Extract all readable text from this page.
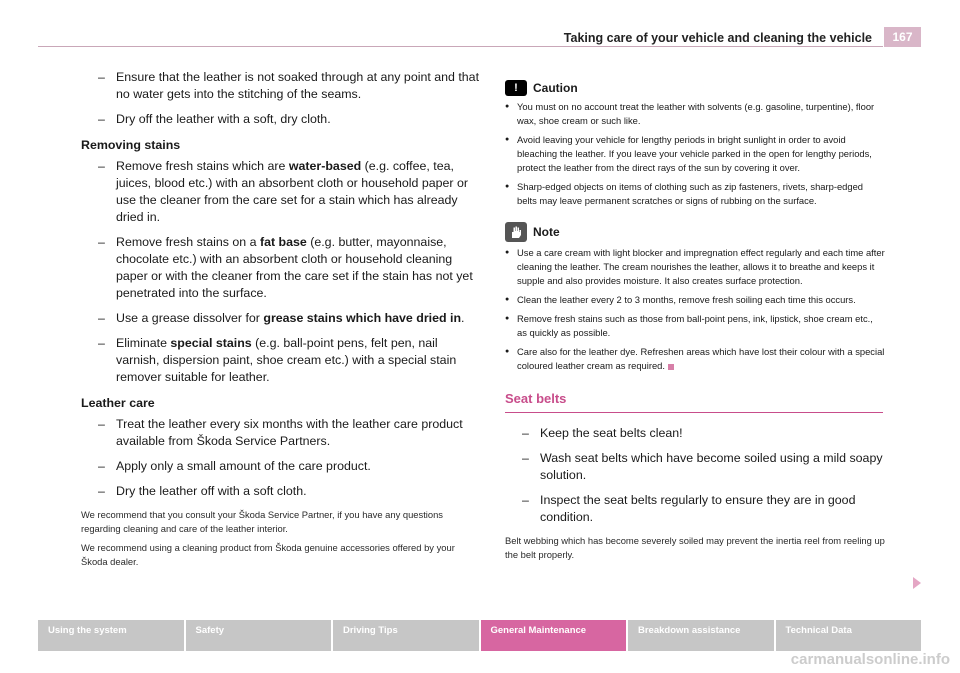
Taking care of your vehicle and cleaning the vehicle	167

– Ensure that the leather is not soaked through at any point and that no water gets into the stitching of the seams.

– Dry off the leather with a soft, dry cloth.

Removing stains

– Remove fresh stains which are water-based (e.g. coffee, tea, juices, blood etc.) with an absorbent cloth or household paper or use the cleaner from the care set for a stain which has already dried in.

– Remove fresh stains on a fat base (e.g. butter, mayonnaise, chocolate etc.) with an absorbent cloth or household cleaning paper or with the cleaner from the care set if the stain has not yet penetrated into the surface.

– Use a grease dissolver for grease stains which have dried in.

– Eliminate special stains (e.g. ball-point pens, felt pen, nail varnish, dispersion paint, shoe cream etc.) with a special stain remover suitable for leather.

Leather care

– Treat the leather every six months with the leather care product available from Škoda Service Partners.

– Apply only a small amount of the care product.

– Dry the leather off with a soft cloth.

We recommend that you consult your Škoda Service Partner, if you have any questions regarding cleaning and care of the leather interior.

We recommend using a cleaning product from Škoda genuine accessories offered by your Škoda dealer.

!	Caution

● You must on no account treat the leather with solvents (e.g. gasoline, turpentine), floor wax, shoe cream or such like.

● Avoid leaving your vehicle for lengthy periods in bright sunlight in order to avoid bleaching the leather. If you leave your vehicle parked in the open for lengthy periods, protect the leather from the direct rays of the sun by covering it over.

● Sharp-edged objects on items of clothing such as zip fasteners, rivets, sharp-edged belts may leave permanent scratches or signs of rubbing on the surface.

Note

● Use a care cream with light blocker and impregnation effect regularly and each time after cleaning the leather. The cream nourishes the leather, allows it to breathe and keeps it supple and also provides moisture. It also creates surface protection.

● Clean the leather every 2 to 3 months, remove fresh soiling each time this occurs.

● Remove fresh stains such as those from ball-point pens, ink, lipstick, shoe cream etc., as quickly as possible.

● Care also for the leather dye. Refreshen areas which have lost their colour with a special coloured leather cream as required.

Seat belts

– Keep the seat belts clean!

– Wash seat belts which have become soiled using a mild soapy solution.

– Inspect the seat belts regularly to ensure they are in good condition.

Belt webbing which has become severely soiled may prevent the inertia reel from reeling up the belt properly.

Using the system	Safety	Driving Tips	General Maintenance	Breakdown assistance	Technical Data
carmanualsonline.info
